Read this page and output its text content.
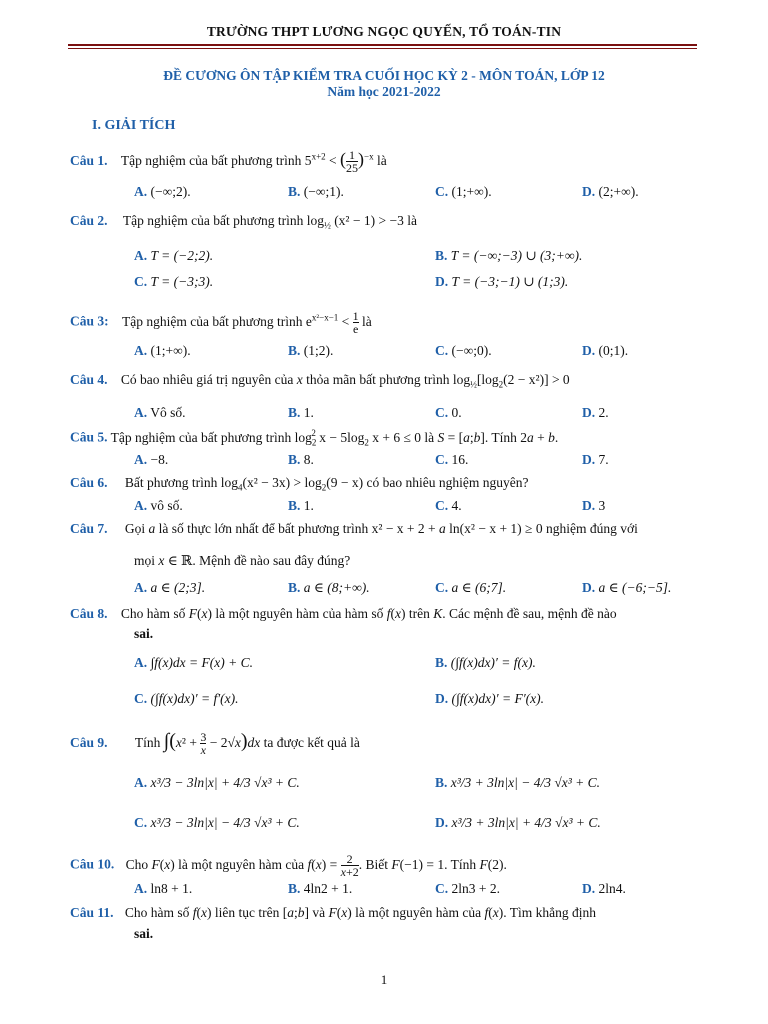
TRƯỜNG THPT LƯƠNG NGỌC QUYẾN, TỔ TOÁN-TIN
ĐỀ CƯƠNG ÔN TẬP KIỂM TRA CUỐI HỌC KỲ 2 - MÔN TOÁN, LỚP 12
Năm học 2021-2022
I. GIẢI TÍCH
Câu 1. Tập nghiệm của bất phương trình $5^{x+2}$ < ( $\frac{1}{25} )^{-x}$ là
A. (−∞;2).	B. (−∞;1).	C. (1;+∞).	D. (2;+∞).
Câu 2. Tập nghiệm của bất phương trình $\log_{\frac{1}{2}} (x^2 - 1) > -3$ là
A. T = (−2;2).	B. T = (−∞;−3) ∪ (3;+∞).
C. T = (−3;3).	D. T = (−3;−1) ∪ (1;3).
Câu 3: Tập nghiệm của bất phương trình $e^{x^2-x-1} < \frac{1}{e}$ là
A. (1;+∞).	B. (1;2).	C. (−∞;0).	D. (0;1).
Câu 4. Có bao nhiêu giá trị nguyên của x thỏa mãn bất phương trình $\log_{\frac{1}{2}}[\log_2(2 - x^2)] > 0$
A. Vô số.	B. 1.	C. 0.	D. 2.
Câu 5. Tập nghiệm của bất phương trình $\log_2^2 x - 5\log_2$ x + 6 ≤ 0 là S = [a;b]. Tính 2a + b.
A. −8.	B. 8.	C. 16.	D. 7.
Câu 6. Bất phương trình $\log_4(x^2 - 3x) > \log_2(9 - x)$ có bao nhiêu nghiệm nguyên?
A. vô số.	B. 1.	C. 4.	D. 3
Câu 7. Gọi a là số thực lớn nhất để bất phương trình x² − x + 2 + a ln(x² − x + 1) ≥ 0 nghiệm đúng với
mọi x ∈ ℝ. Mệnh đề nào sau đây đúng?
A. a ∈ (2;3].	B. a ∈ (8;+∞).	C. a ∈ (6;7].	D. a ∈ (−6;−5].
Câu 8. Cho hàm số F(x) là một nguyên hàm của hàm số f(x) trên K. Các mệnh đề sau, mệnh đề nào
sai.
A. ∫f(x)dx = F(x) + C.	B. (∫f(x)dx)′ = f(x).
C. (∫f(x)dx)′ = f′(x).	D. (∫f(x)dx)′ = F′(x).
Câu 9. Tính $\int(x^2 + \frac{3}{x} - 2√x)dx$ ta được kết quả là
A. x³/3 − 3ln|x| + 4/3 √x³ + C.	B. x³/3 + 3ln|x| − 4/3 √x³ + C.
C. x³/3 − 3ln|x| − 4/3 √x³ + C.	D. x³/3 + 3ln|x| + 4/3 √x³ + C.
Câu 10. Cho F(x) là một nguyên hàm của $f(x) = \frac{2}{x+2}$ . Biết F(−1) = 1. Tính F(2).
A. ln8 + 1.	B. 4ln2 + 1.	C. 2ln3 + 2.	D. 2ln4.
Câu 11. Cho hàm số f(x) liên tục trên [a;b] và F(x) là một nguyên hàm của f(x). Tìm khẳng định
sai.
1
